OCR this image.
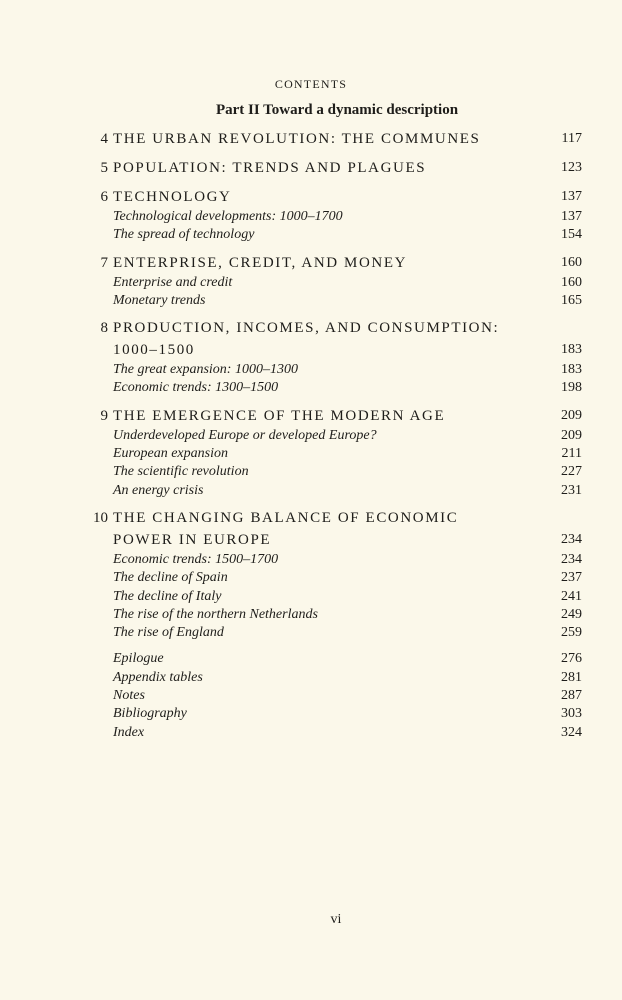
CONTENTS
Part II Toward a dynamic description
4 THE URBAN REVOLUTION: THE COMMUNES	117
5 POPULATION: TRENDS AND PLAGUES	123
6 TECHNOLOGY	137
Technological developments: 1000–1700	137
The spread of technology	154
7 ENTERPRISE, CREDIT, AND MONEY	160
Enterprise and credit	160
Monetary trends	165
8 PRODUCTION, INCOMES, AND CONSUMPTION:
1000–1500	183
The great expansion: 1000–1300	183
Economic trends: 1300–1500	198
9 THE EMERGENCE OF THE MODERN AGE	209
Underdeveloped Europe or developed Europe?	209
European expansion	211
The scientific revolution	227
An energy crisis	231
10 THE CHANGING BALANCE OF ECONOMIC
POWER IN EUROPE	234
Economic trends: 1500–1700	234
The decline of Spain	237
The decline of Italy	241
The rise of the northern Netherlands	249
The rise of England	259
Epilogue	276
Appendix tables	281
Notes	287
Bibliography	303
Index	324
vi
